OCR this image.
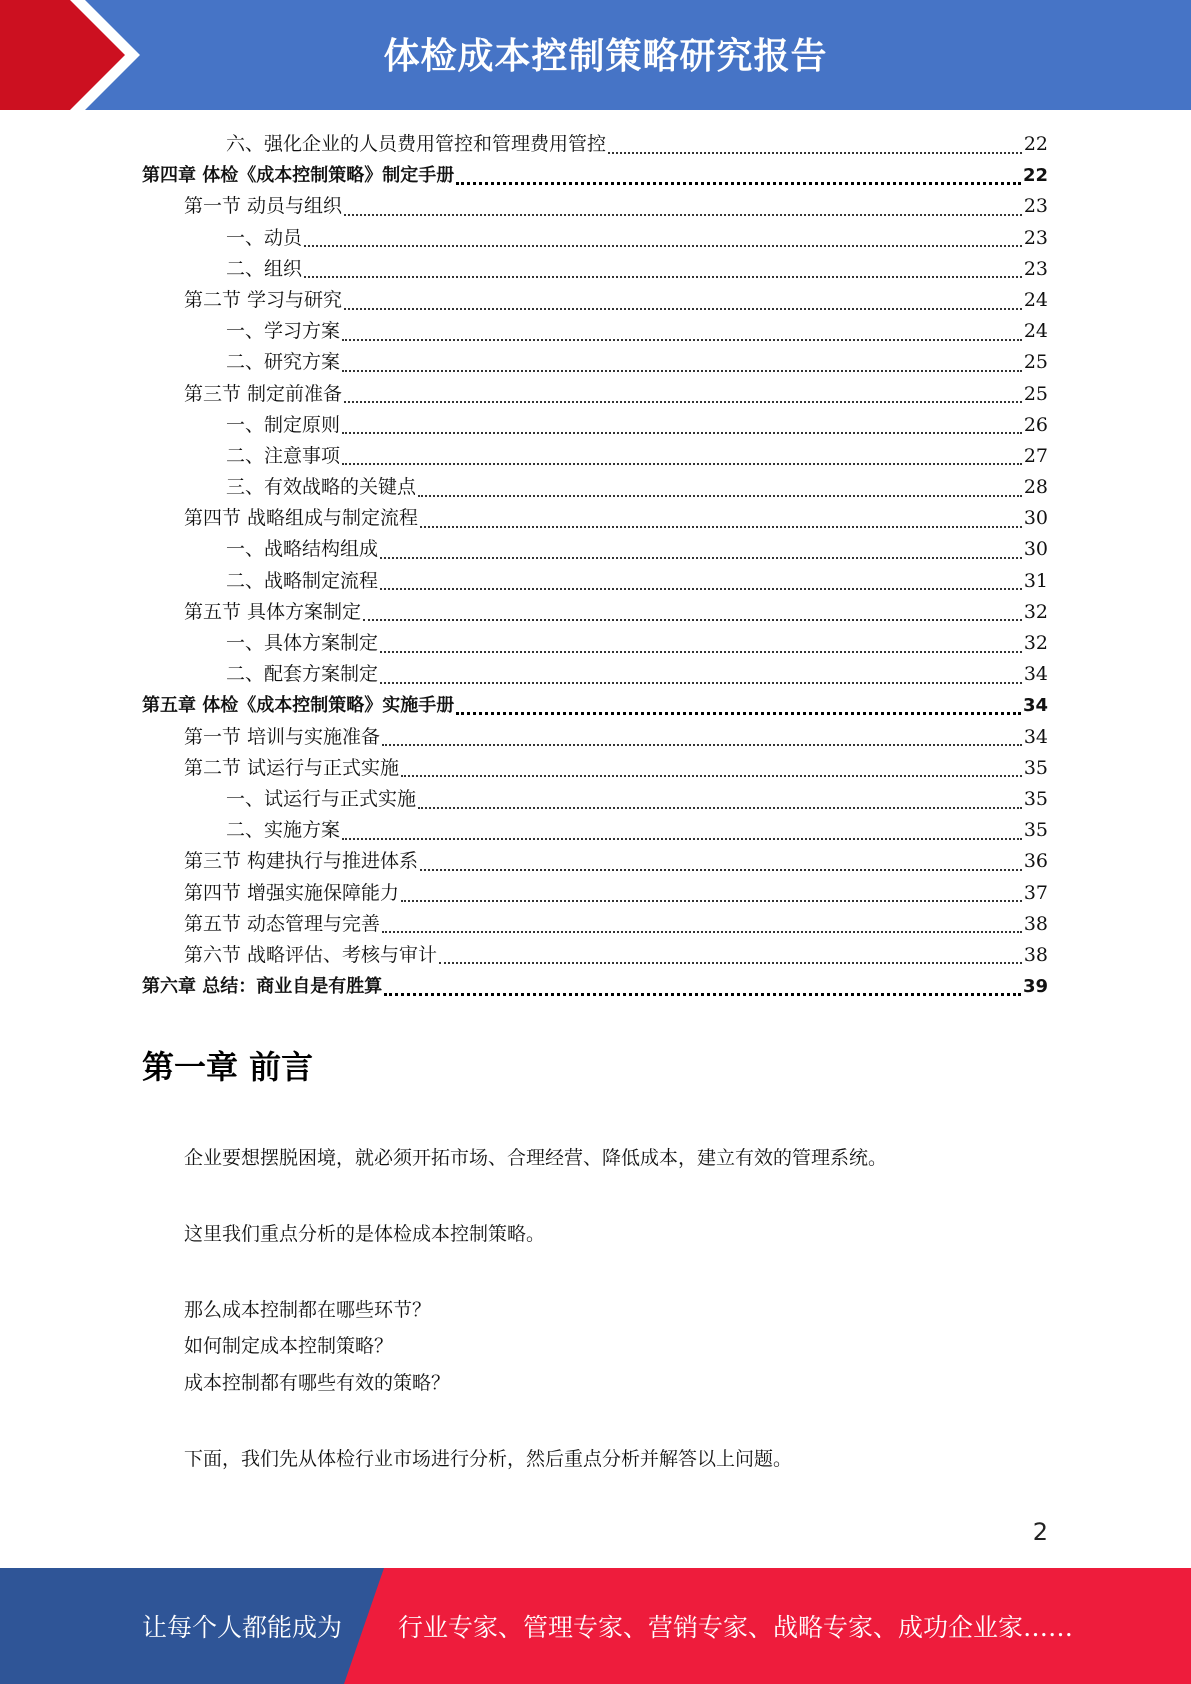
体检成本控制策略研究报告
六、强化企业的人员费用管控和管理费用管控	22
第四章 体检《成本控制策略》制定手册	22
第一节 动员与组织	23
一、动员	23
二、组织	23
第二节 学习与研究	24
一、学习方案	24
二、研究方案	25
第三节 制定前准备	25
一、制定原则	26
二、注意事项	27
三、有效战略的关键点	28
第四节 战略组成与制定流程	30
一、战略结构组成	30
二、战略制定流程	31
第五节 具体方案制定	32
一、具体方案制定	32
二、配套方案制定	34
第五章 体检《成本控制策略》实施手册	34
第一节 培训与实施准备	34
第二节 试运行与正式实施	35
一、试运行与正式实施	35
二、实施方案	35
第三节 构建执行与推进体系	36
第四节 增强实施保障能力	37
第五节 动态管理与完善	38
第六节 战略评估、考核与审计	38
第六章 总结：商业自是有胜算	39
第一章 前言
企业要想摆脱困境，就必须开拓市场、合理经营、降低成本，建立有效的管理系统。
这里我们重点分析的是体检成本控制策略。
那么成本控制都在哪些环节？
如何制定成本控制策略？
成本控制都有哪些有效的策略？
下面，我们先从体检行业市场进行分析，然后重点分析并解答以上问题。
2
让每个人都能成为 行业专家、管理专家、营销专家、战略专家、成功企业家……
